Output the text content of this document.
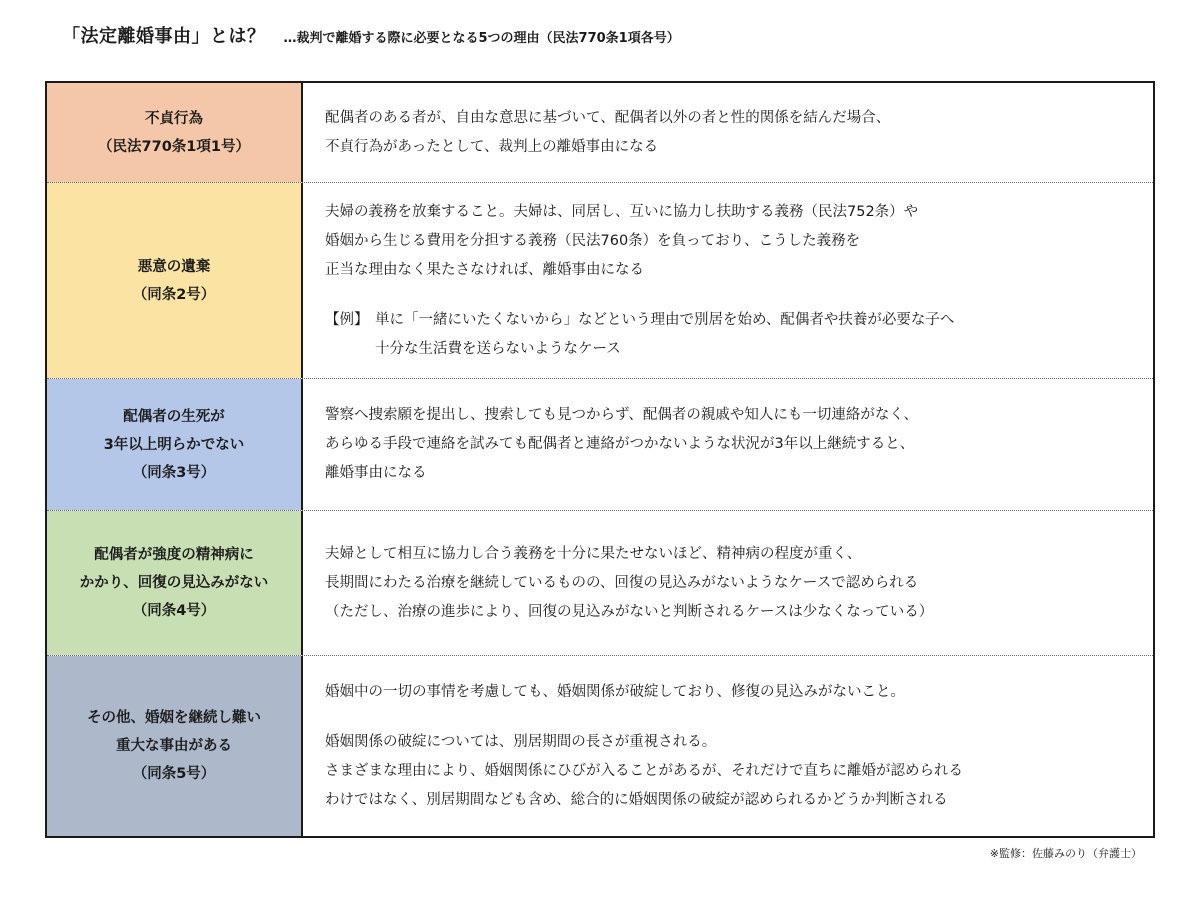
「法定離婚事由」とは？ …裁判で離婚する際に必要となる5つの理由（民法770条1項各号）
不貞行為
（民法770条1項1号）
配偶者のある者が、自由な意思に基づいて、配偶者以外の者と性的関係を結んだ場合、
不貞行為があったとして、裁判上の離婚事由になる
悪意の遺棄
（同条2号）
夫婦の義務を放棄すること。夫婦は、同居し、互いに協力し扶助する義務（民法752条）や
婚姻から生じる費用を分担する義務（民法760条）を負っており、こうした義務を
正当な理由なく果たさなければ、離婚事由になる
【例】 単に「一緒にいたくないから」などという理由で別居を始め、配偶者や扶養が必要な子へ
十分な生活費を送らないようなケース
配偶者の生死が
3年以上明らかでない
（同条3号）
警察へ捜索願を提出し、捜索しても見つからず、配偶者の親戚や知人にも一切連絡がなく、
あらゆる手段で連絡を試みても配偶者と連絡がつかないような状況が3年以上継続すると、
離婚事由になる
配偶者が強度の精神病に
かかり、回復の見込みがない
（同条4号）
夫婦として相互に協力し合う義務を十分に果たせないほど、精神病の程度が重く、
長期間にわたる治療を継続しているものの、回復の見込みがないようなケースで認められる
（ただし、治療の進歩により、回復の見込みがないと判断されるケースは少なくなっている）
その他、婚姻を継続し難い
重大な事由がある
（同条5号）
婚姻中の一切の事情を考慮しても、婚姻関係が破綻しており、修復の見込みがないこと。
婚姻関係の破綻については、別居期間の長さが重視される。
さまざまな理由により、婚姻関係にひびが入ることがあるが、それだけで直ちに離婚が認められる
わけではなく、別居期間なども含め、総合的に婚姻関係の破綻が認められるかどうか判断される
※監修：佐藤みのり（弁護士）
